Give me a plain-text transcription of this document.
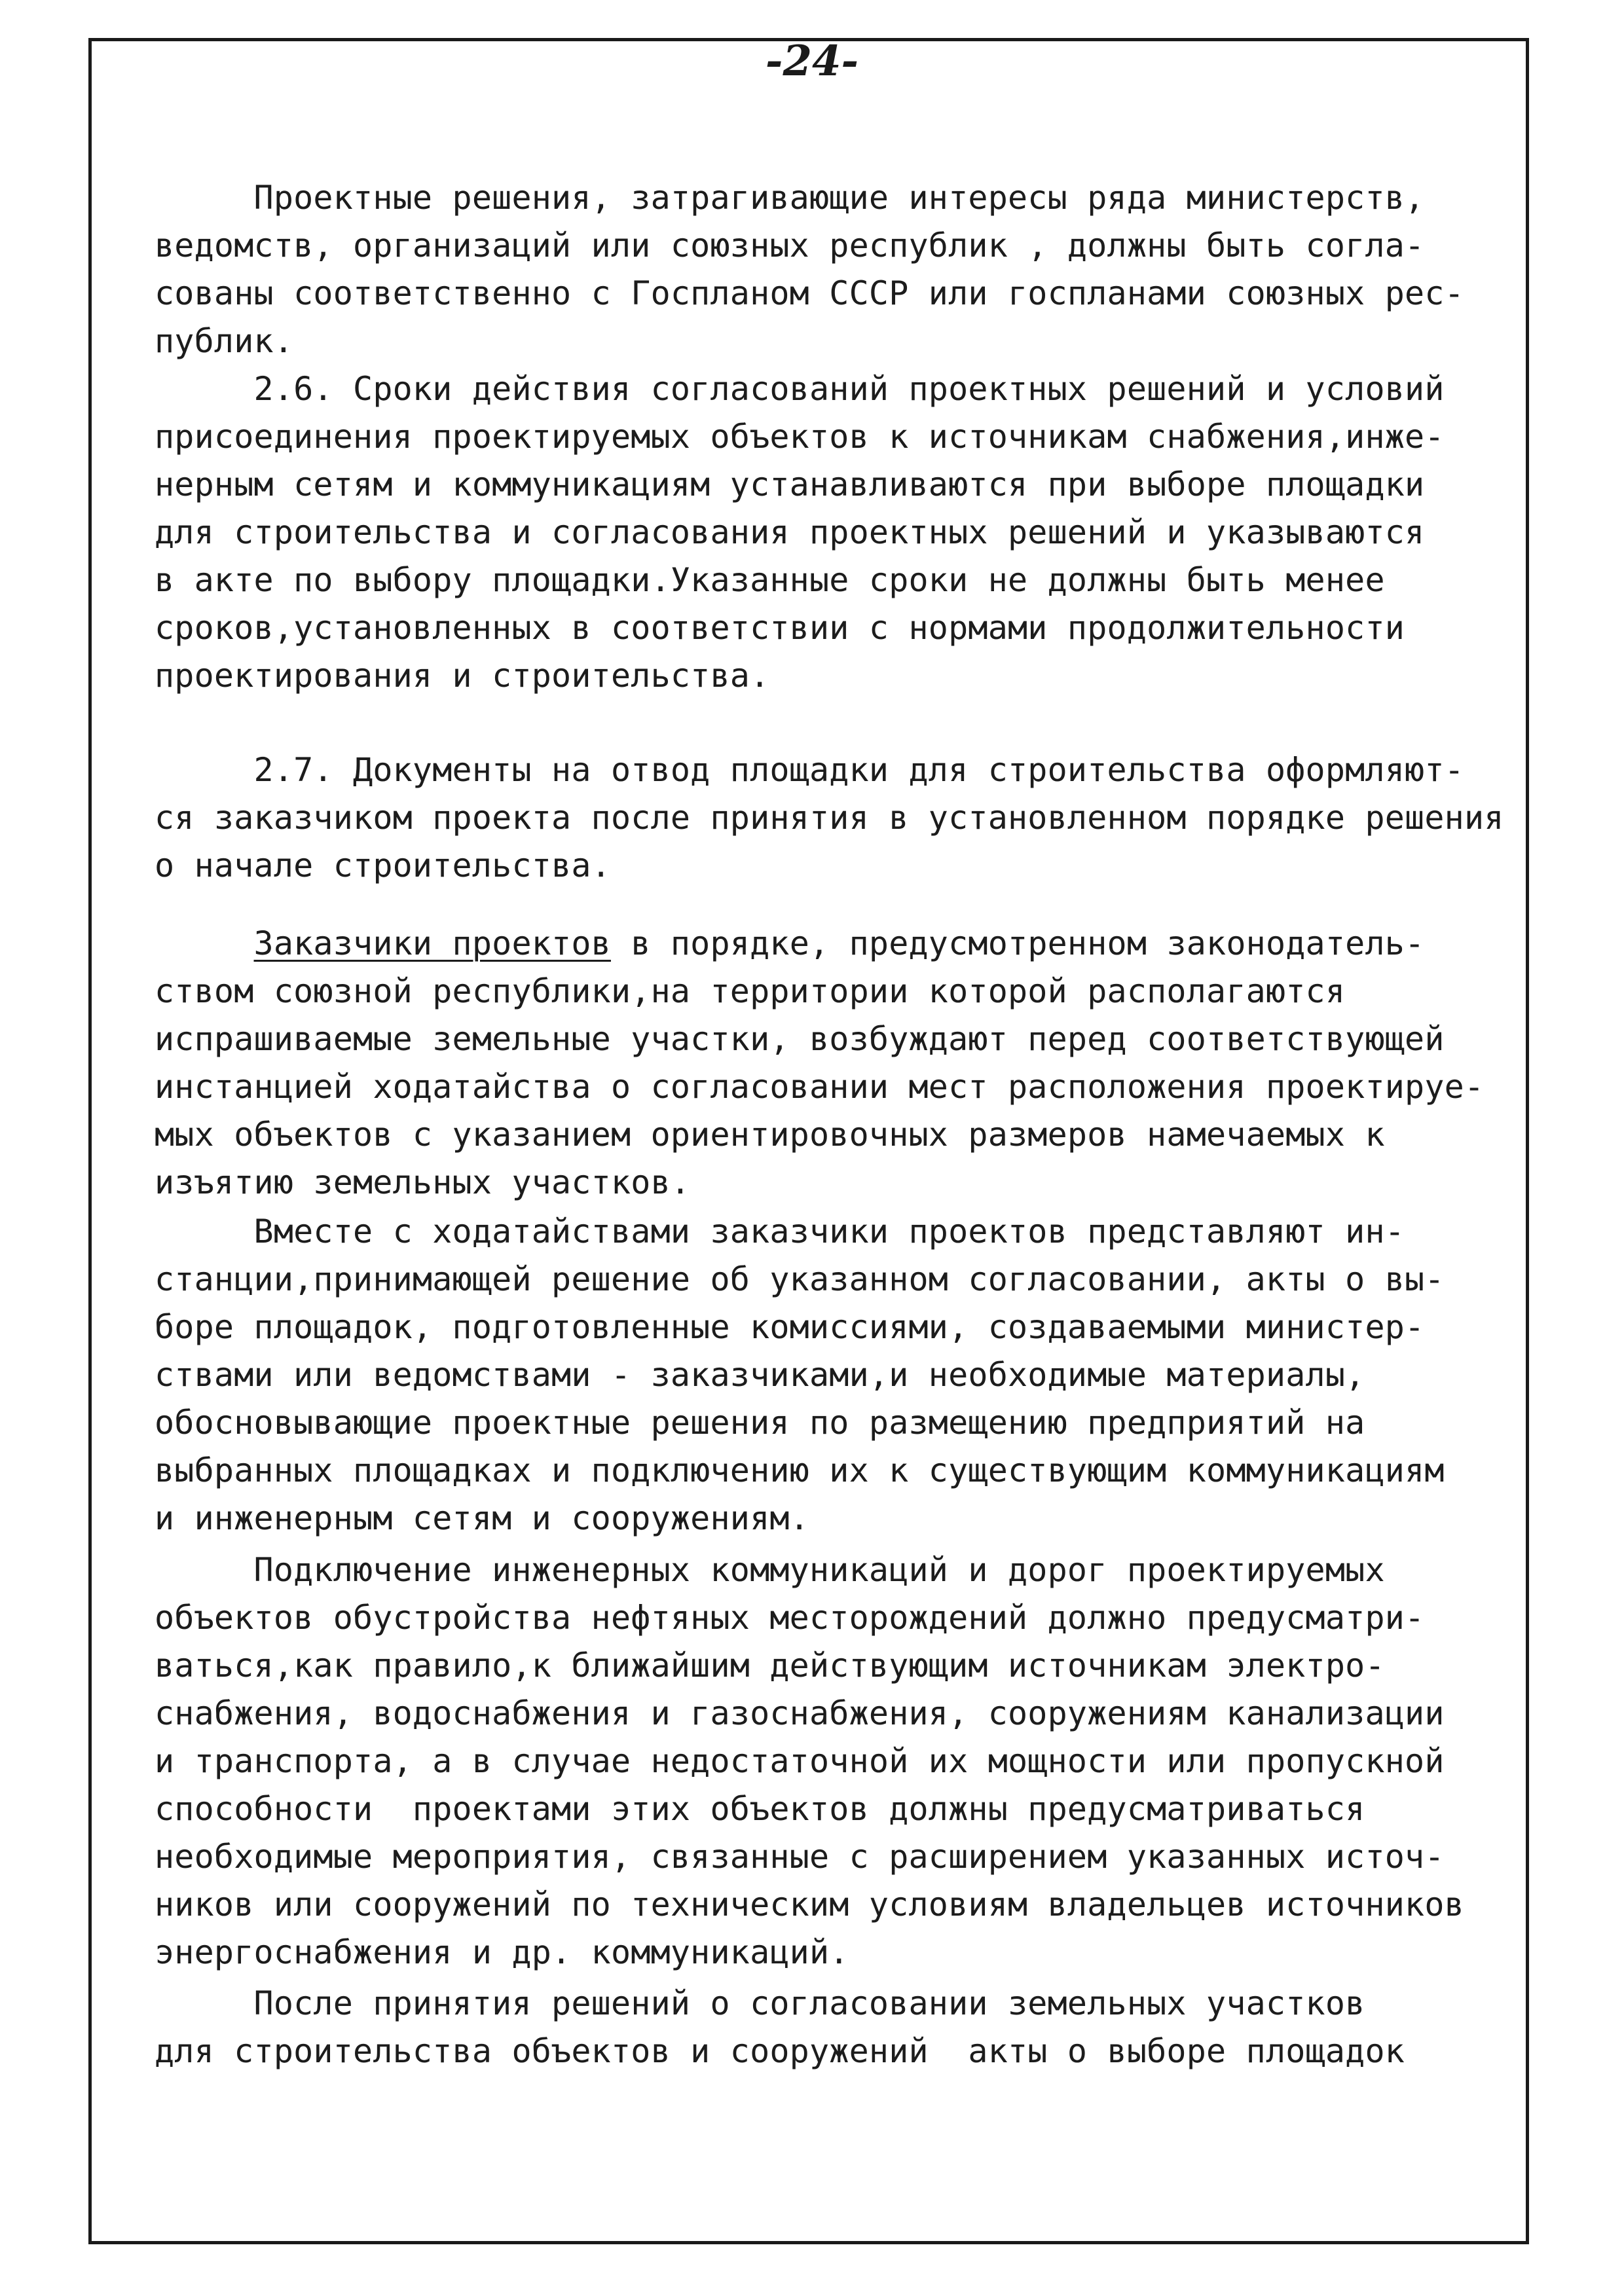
-24-
Проектные решения, затрагивающие интересы ряда министерств,
ведомств, организаций или союзных республик , должны быть согла-
сованы соответственно с Госпланом СССР или госпланами союзных рес-
публик.
2.6. Сроки действия согласований проектных решений и условий
присоединения проектируемых объектов к источникам снабжения,инже-
нерным сетям и коммуникациям устанавливаются при выборе площадки
для строительства и согласования проектных решений и указываются
в акте по выбору площадки.Указанные сроки не должны быть менее
сроков,установленных в соответствии с нормами продолжительности
проектирования и строительства.
2.7. Документы на отвод площадки для строительства оформляют-
ся заказчиком проекта после принятия в установленном порядке решения
о начале строительства.
Заказчики проектов в порядке, предусмотренном законодатель-
ством союзной республики,на территории которой располагаются
испрашиваемые земельные участки, возбуждают перед соответствующей
инстанцией ходатайства о согласовании мест расположения проектируе-
мых объектов с указанием ориентировочных размеров намечаемых к
изъятию земельных участков.
Вместе с ходатайствами заказчики проектов представляют ин-
станции,принимающей решение об указанном согласовании, акты о вы-
боре площадок, подготовленные комиссиями, создаваемыми министер-
ствами или ведомствами - заказчиками,и необходимые материалы,
обосновывающие проектные решения по размещению предприятий на
выбранных площадках и подключению их к существующим коммуникациям
и инженерным сетям и сооружениям.
Подключение инженерных коммуникаций и дорог проектируемых
объектов обустройства нефтяных месторождений должно предусматри-
ваться,как правило,к ближайшим действующим источникам электро-
снабжения, водоснабжения и газоснабжения, сооружениям канализации
и транспорта, а в случае недостаточной их мощности или пропускной
способности  проектами этих объектов должны предусматриваться
необходимые мероприятия, связанные с расширением указанных источ-
ников или сооружений по техническим условиям владельцев источников
энергоснабжения и др. коммуникаций.
После принятия решений о согласовании земельных участков
для строительства объектов и сооружений  акты о выборе площадок
